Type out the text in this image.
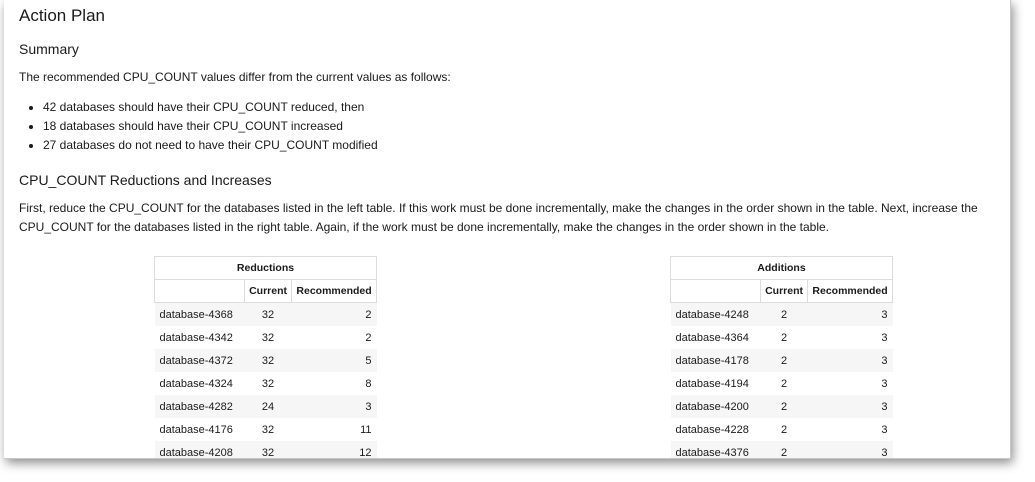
Action Plan
Summary

The recommended CPU_COUNT values differ from the current values as follows:

• 42 databases should have their CPU_COUNT reduced, then
• 18 databases should have their CPU_COUNT increased
• 27 databases do not need to have their CPU_COUNT modified
CPU_COUNT Reductions and Increases

First, reduce the CPU_COUNT for the databases listed in the left table. If this work must be done incrementally, make the changes in the order shown in the table. Next, increase the CPU_COUNT for the databases listed in the right table. Again, if the work must be done incrementally, make the changes in the order shown in the table.

Reductions		
	Current	Recommended
database-4368	32	2
database-4342	32	2
database-4372	32	5
database-4324	32	8
database-4282	24	3
database-4176	32	11
database-4208	32	12
Additions		
	Current	Recommended
database-4248	2	3
database-4364	2	3
database-4178	2	3
database-4194	2	3
database-4200	2	3
database-4228	2	3
database-4376	2	3
